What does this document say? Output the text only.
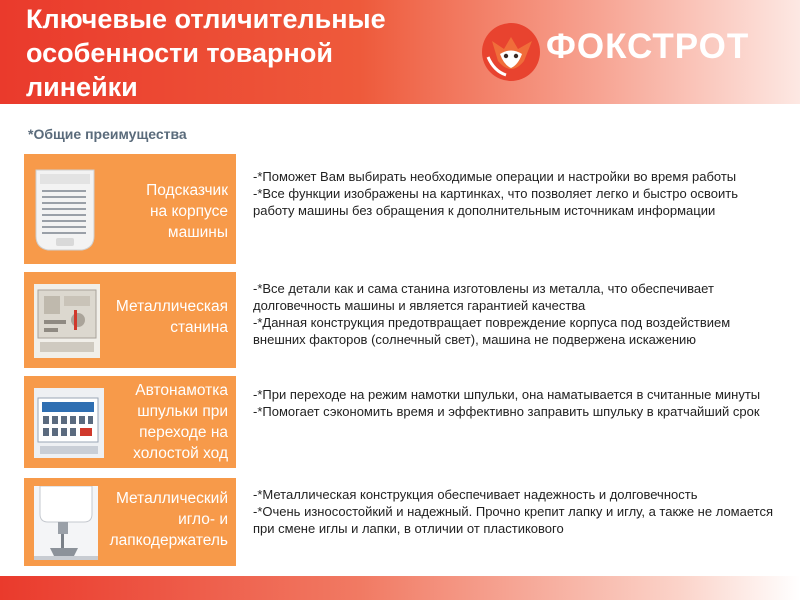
Ключевые отличительные
особенности товарной
линейки
ФОКСТРОТ
*Общие преимущества
Подсказчик
на корпусе
машины

-*Поможет Вам выбирать необходимые операции и настройки во время работы

-*Все функции изображены на картинках, что позволяет легко и быстро освоить работу машины без обращения к дополнительным источникам информации

Металлическая
станина

-*Все детали как и сама станина изготовлены из металла, что обеспечивает долговечность машины и является гарантией качества

-*Данная конструкция предотвращает повреждение корпуса под воздействием внешних факторов (солнечный свет), машина не подвержена искажению

Автонамотка
шпульки при
переходе на
холостой ход

-*При переходе на режим намотки шпульки, она наматывается в считанные минуты

-*Помогает сэкономить время и эффективно заправить шпульку в кратчайший срок

Металлический
игло- и
лапкодержатель

-*Металлическая конструкция обеспечивает надежность и долговечность

-*Очень износостойкий и надежный. Прочно крепит лапку и иглу, а также не ломается при смене иглы и лапки, в отличии от пластикового
